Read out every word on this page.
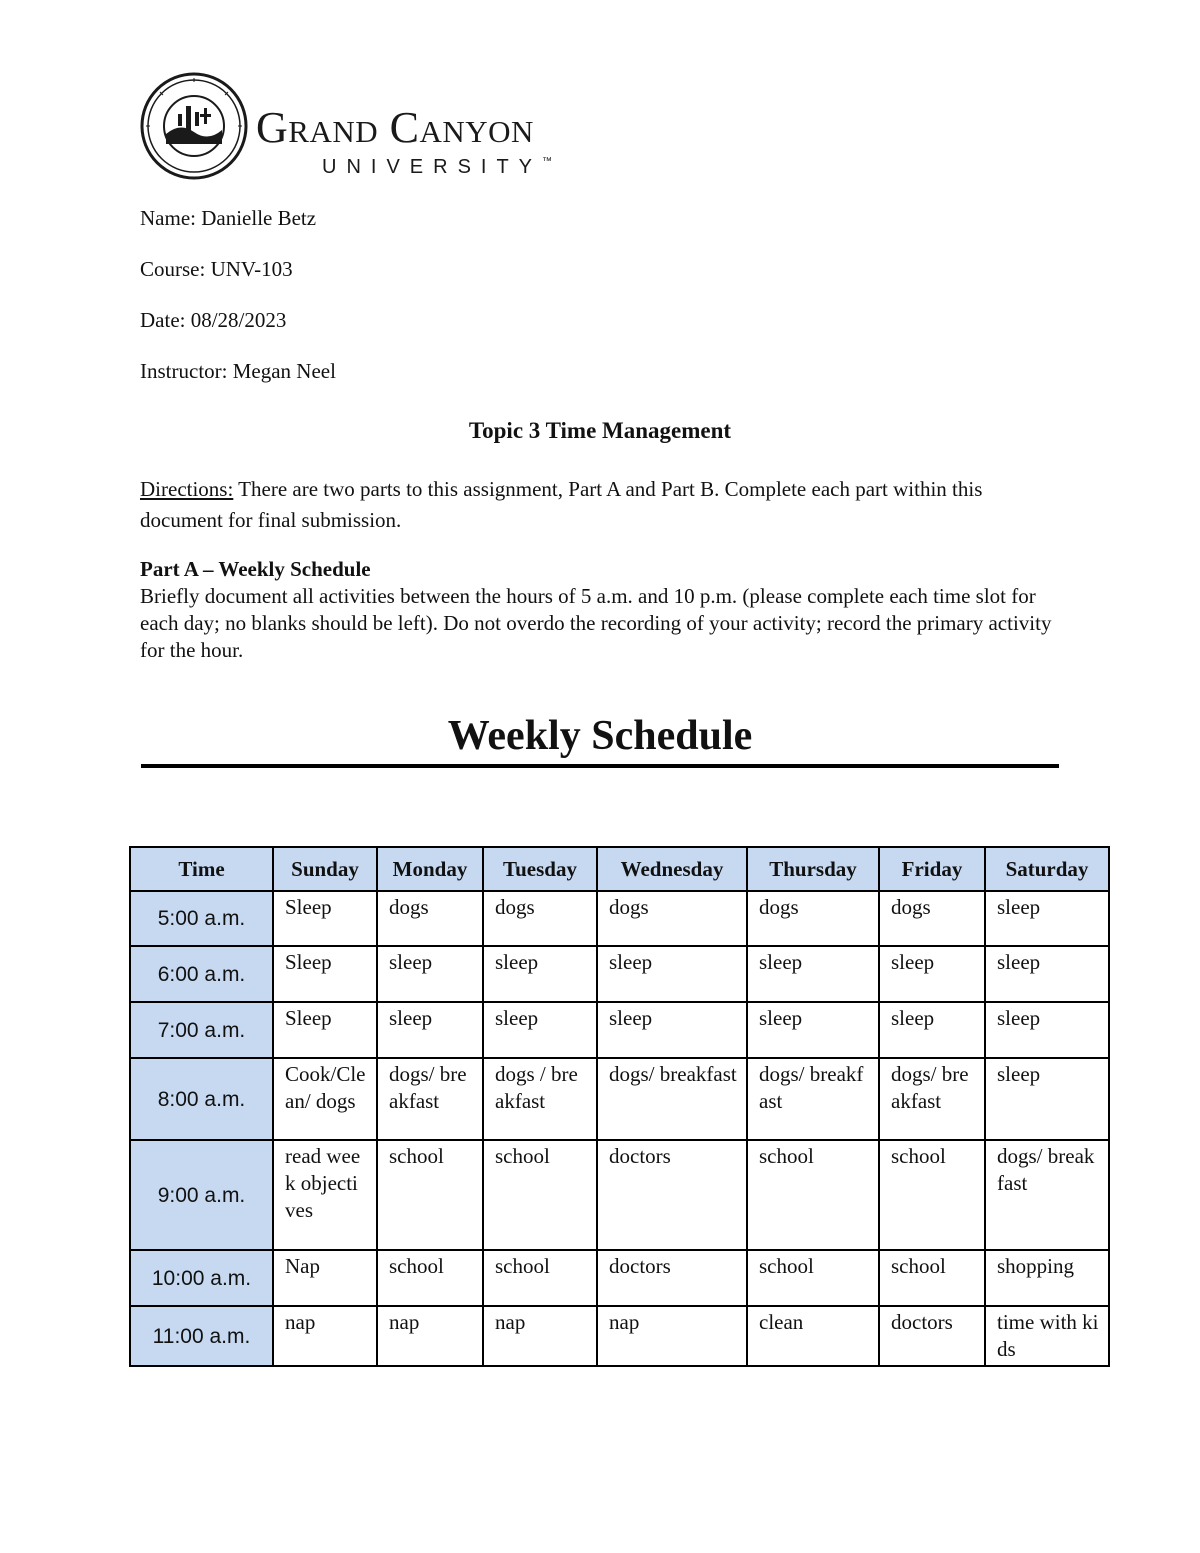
Grand Canyon
UNIVERSITY™
Name: Danielle Betz
Course: UNV-103
Date: 08/28/2023
Instructor: Megan Neel
Topic 3 Time Management
Directions: There are two parts to this assignment, Part A and Part B. Complete each part within this document for final submission.
Part A – Weekly Schedule
Briefly document all activities between the hours of 5 a.m. and 10 p.m. (please complete each time slot for each day; no blanks should be left). Do not overdo the recording of your activity; record the primary activity for the hour.
Weekly Schedule
Time	Sunday	Monday	Tuesday	Wednesday	Thursday	Friday	Saturday
5:00 a.m.	Sleep	dogs	dogs	dogs	dogs	dogs	sleep
6:00 a.m.	Sleep	sleep	sleep	sleep	sleep	sleep	sleep
7:00 a.m.	Sleep	sleep	sleep	sleep	sleep	sleep	sleep
8:00 a.m.	Cook/Clean/ dogs	dogs/ breakfast	dogs / breakfast	dogs/ breakfast	dogs/ breakfast	dogs/ breakfast	sleep
9:00 a.m.	read week objectives	school	school	doctors	school	school	dogs/ breakfast
10:00 a.m.	Nap	school	school	doctors	school	school	shopping
11:00 a.m.	nap	nap	nap	nap	clean	doctors	time with kids
